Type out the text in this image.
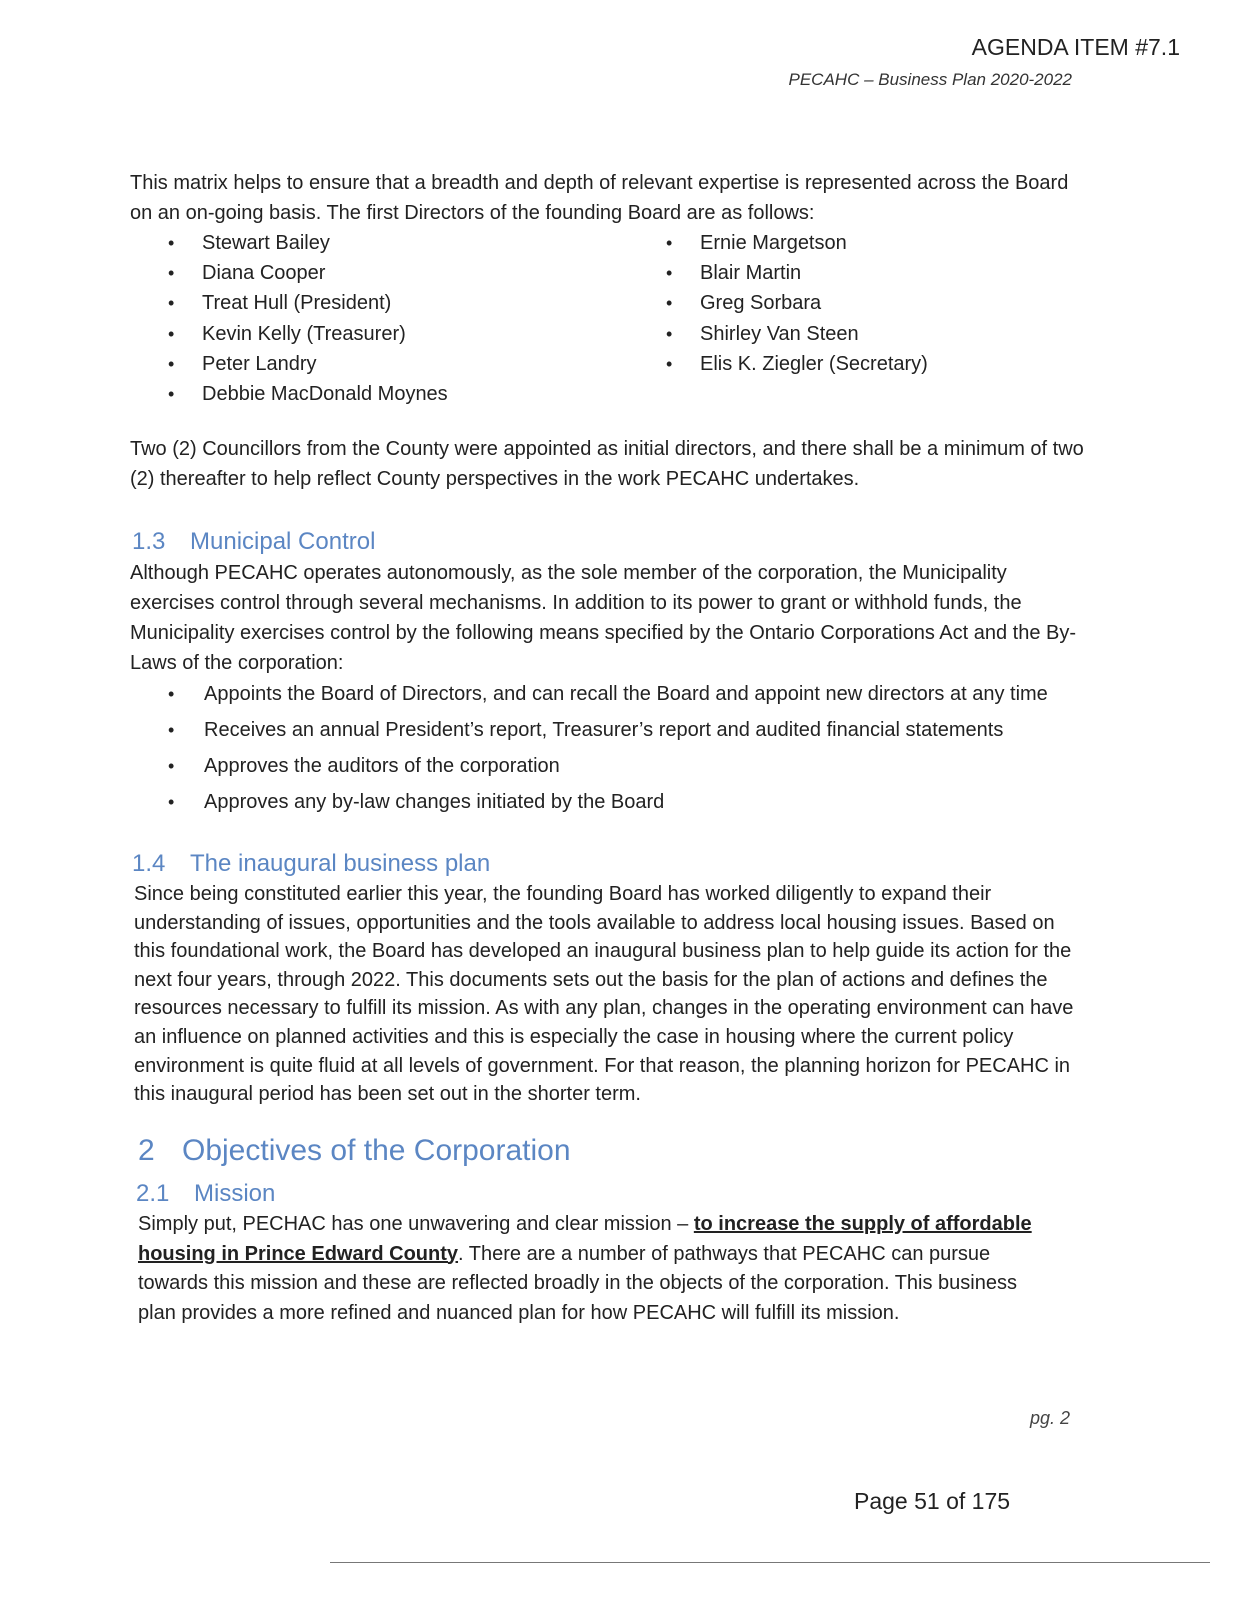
AGENDA ITEM #7.1
PECAHC – Business Plan 2020-2022
This matrix helps to ensure that a breadth and depth of relevant expertise is represented across the Board on an on-going basis. The first Directors of the founding Board are as follows:
• Stewart Bailey
• Diana Cooper
• Treat Hull (President)
• Kevin Kelly (Treasurer)
• Peter Landry
• Debbie MacDonald Moynes
• Ernie Margetson
• Blair Martin
• Greg Sorbara
• Shirley Van Steen
• Elis K. Ziegler (Secretary)
Two (2) Councillors from the County were appointed as initial directors, and there shall be a minimum of two (2) thereafter to help reflect County perspectives in the work PECAHC undertakes.
1.3 Municipal Control
Although PECAHC operates autonomously, as the sole member of the corporation, the Municipality exercises control through several mechanisms. In addition to its power to grant or withhold funds, the Municipality exercises control by the following means specified by the Ontario Corporations Act and the By-Laws of the corporation:
• Appoints the Board of Directors, and can recall the Board and appoint new directors at any time
• Receives an annual President’s report, Treasurer’s report and audited financial statements
• Approves the auditors of the corporation
• Approves any by-law changes initiated by the Board
1.4 The inaugural business plan
Since being constituted earlier this year, the founding Board has worked diligently to expand their understanding of issues, opportunities and the tools available to address local housing issues. Based on this foundational work, the Board has developed an inaugural business plan to help guide its action for the next four years, through 2022. This documents sets out the basis for the plan of actions and defines the resources necessary to fulfill its mission. As with any plan, changes in the operating environment can have an influence on planned activities and this is especially the case in housing where the current policy environment is quite fluid at all levels of government. For that reason, the planning horizon for PECAHC in this inaugural period has been set out in the shorter term.
2 Objectives of the Corporation
2.1 Mission
Simply put, PECHAC has one unwavering and clear mission – to increase the supply of affordable housing in Prince Edward County. There are a number of pathways that PECAHC can pursue towards this mission and these are reflected broadly in the objects of the corporation. This business plan provides a more refined and nuanced plan for how PECAHC will fulfill its mission.
pg. 2
Page 51 of 175
